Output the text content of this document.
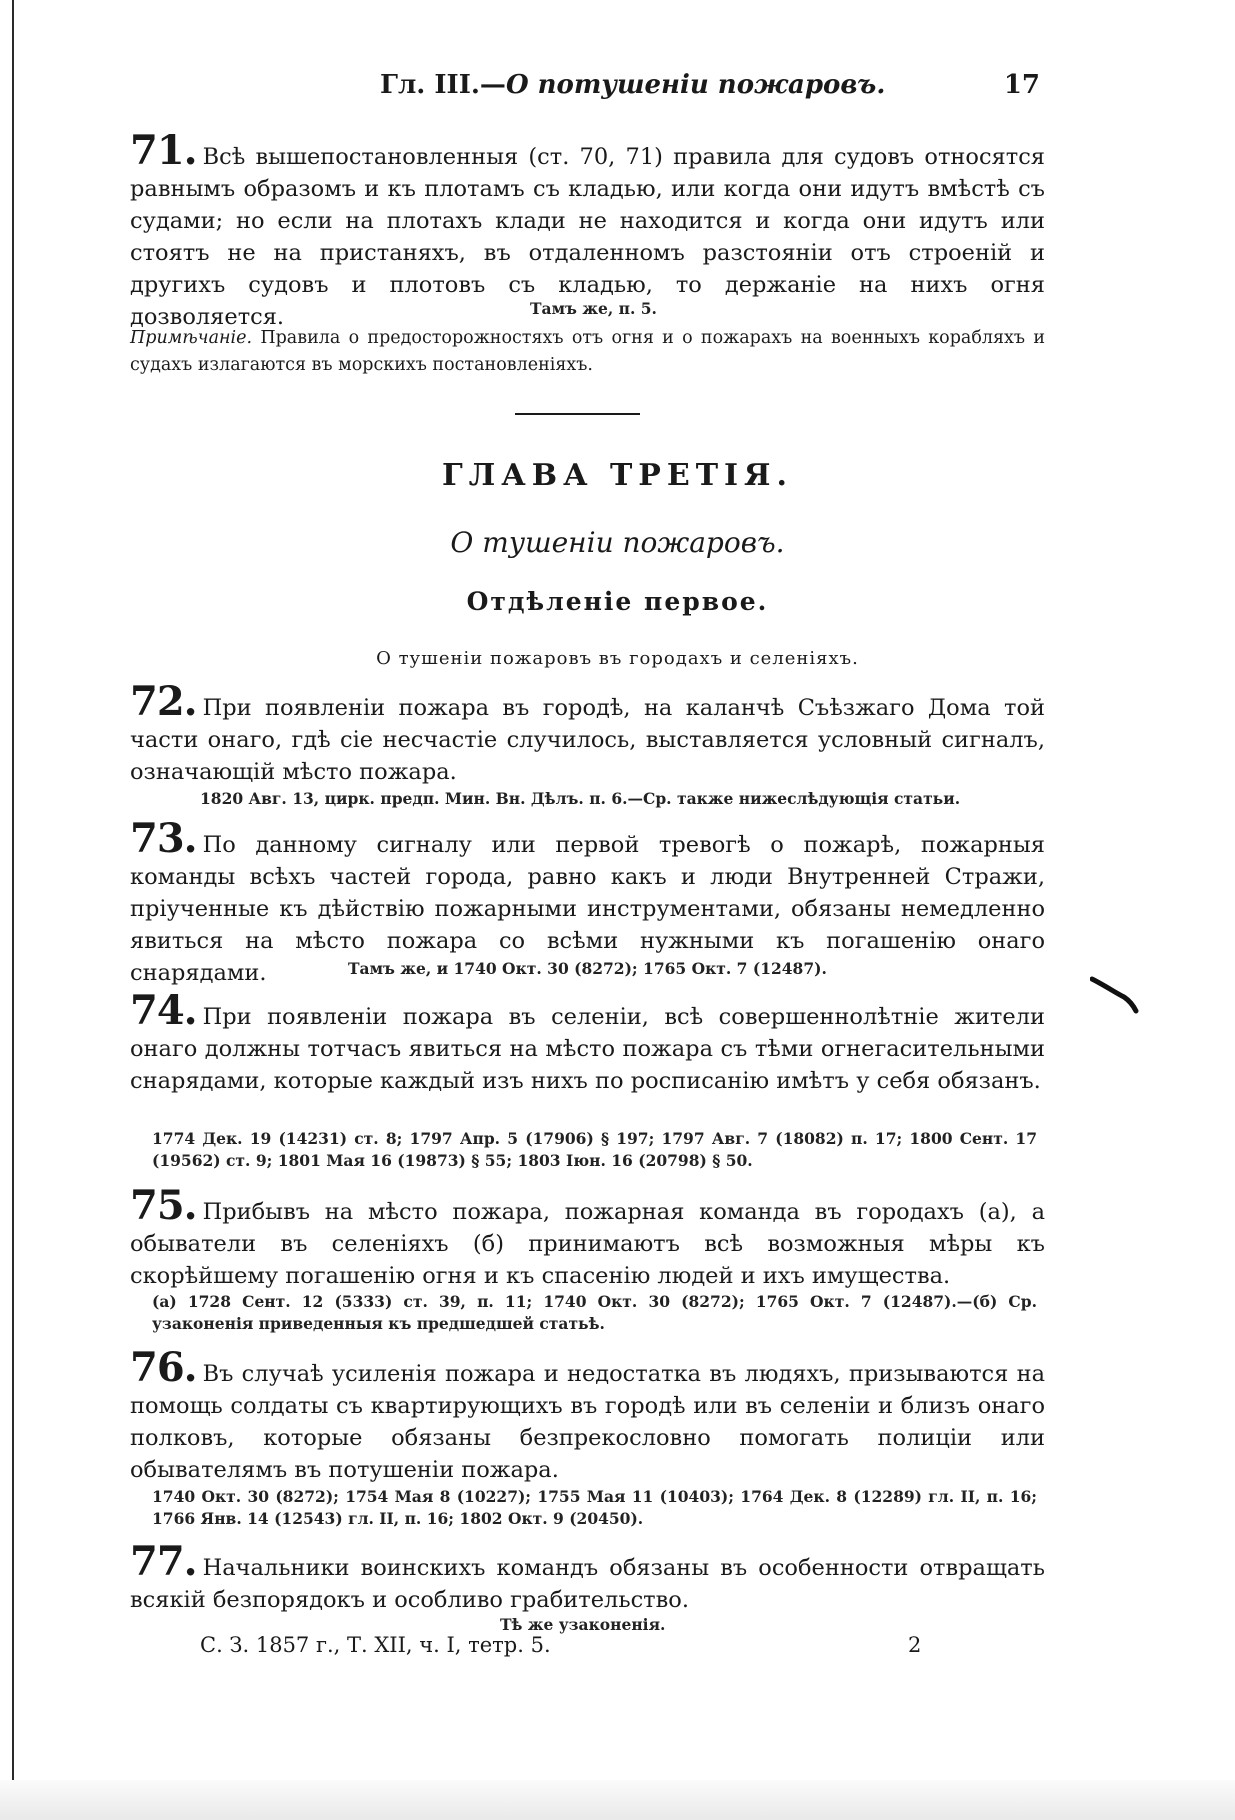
Гл. III.—О потушеніи пожаровъ.	17
71. Всѣ вышепостановленныя (ст. 70, 71) правила для судовъ относятся равнымъ образомъ и къ плотамъ съ кладью, или когда они идутъ вмѣстѣ съ судами; но если на плотахъ клади не находится и когда они идутъ или стоятъ не на пристаняхъ, въ отдаленномъ разстояніи отъ строеній и другихъ судовъ и плотовъ съ кладью, то держаніе на нихъ огня дозволяется.	Тамъ же, п. 5.
Примѣчаніе. Правила о предосторожностяхъ отъ огня и о пожарахъ на военныхъ корабляхъ и судахъ излагаются въ морскихъ постановленіяхъ.
ГЛАВА ТРЕТІЯ.
О тушеніи пожаровъ.
Отдѣленіе первое.
О тушеніи пожаровъ въ городахъ и селеніяхъ.
72. При появленіи пожара въ городѣ, на каланчѣ Съѣзжаго Дома той части онаго, гдѣ сіе несчастіе случилось, выставляется условный сигналъ, означающій мѣсто пожара.
1820 Авг. 13, цирк. предп. Мин. Вн. Дѣлъ. п. 6.—Ср. также нижеслѣдующія статьи.
73. По данному сигналу или первой тревогѣ о пожарѣ, пожарныя команды всѣхъ частей города, равно какъ и люди Внутренней Стражи, пріученные къ дѣйствію пожарными инструментами, обязаны немедленно явиться на мѣсто пожара со всѣми нужными къ погашенію онаго снарядами.	Тамъ же, и 1740 Окт. 30 (8272); 1765 Окт. 7 (12487).
74. При появленіи пожара въ селеніи, всѣ совершеннолѣтніе жители онаго должны тотчасъ явиться на мѣсто пожара съ тѣми огнегасительными снарядами, которые каждый изъ нихъ по росписанію имѣтъ у себя обязанъ.
1774 Дек. 19 (14231) ст. 8; 1797 Апр. 5 (17906) § 197; 1797 Авг. 7 (18082) п. 17; 1800 Сент. 17 (19562) ст. 9; 1801 Мая 16 (19873) § 55; 1803 Іюн. 16 (20798) § 50.
75. Прибывъ на мѣсто пожара, пожарная команда въ городахъ (а), а обыватели въ селеніяхъ (б) принимаютъ всѣ возможныя мѣры къ скорѣйшему погашенію огня и къ спасенію людей и ихъ имущества.
(а) 1728 Сент. 12 (5333) ст. 39, п. 11; 1740 Окт. 30 (8272); 1765 Окт. 7 (12487).—(б) Ср. узаконенія приведенныя къ предшедшей статьѣ.
76. Въ случаѣ усиленія пожара и недостатка въ людяхъ, призываются на помощь солдаты съ квартирующихъ въ городѣ или въ селеніи и близъ онаго полковъ, которые обязаны безпрекословно помогать полиціи или обывателямъ въ потушеніи пожара.
1740 Окт. 30 (8272); 1754 Мая 8 (10227); 1755 Мая 11 (10403); 1764 Дек. 8 (12289) гл. II, п. 16; 1766 Янв. 14 (12543) гл. II, п. 16; 1802 Окт. 9 (20450).
77. Начальники воинскихъ командъ обязаны въ особенности отвращать всякій безпорядокъ и особливо грабительство.
Тѣ же узаконенія.
С. З. 1857 г., Т. XII, ч. I, тетр. 5.	2
